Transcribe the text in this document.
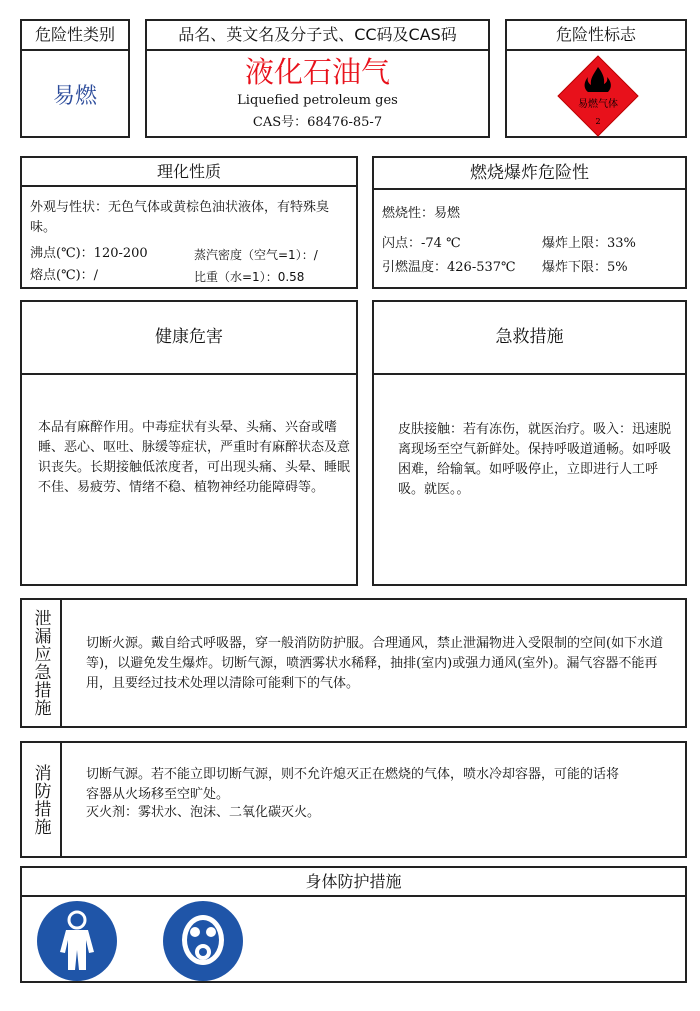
危险性类别
易燃
品名、英文名及分子式、CC码及CAS码
液化石油气
Liquefied petroleum ges
CAS号：68476-85-7
危险性标志
易燃气体
2
理化性质
外观与性状：无色气体或黄棕色油状液体，有特殊臭味。
沸点(℃)：120-200	蒸汽密度（空气=1）：/
熔点(℃)：/	比重（水=1）：0.58
燃烧爆炸危险性
燃烧性：易燃
闪点：-74 ℃	爆炸上限：33%
引燃温度：426-537℃ 爆炸下限：5%
健康危害
本品有麻醉作用。中毒症状有头晕、头痛、兴奋或嗜睡、恶心、呕吐、脉缓等症状，严重时有麻醉状态及意识丧失。长期接触低浓度者，可出现头痛、头晕、睡眠不佳、易疲劳、情绪不稳、植物神经功能障碍等。
急救措施
皮肤接触：若有冻伤，就医治疗。吸入：迅速脱离现场至空气新鲜处。保持呼吸道通畅。如呼吸困难，给输氧。如呼吸停止，立即进行人工呼吸。就医。。
泄漏应急措施	切断火源。戴自给式呼吸器，穿一般消防防护服。合理通风，禁止泄漏物进入受限制的空间(如下水道等)，以避免发生爆炸。切断气源，喷洒雾状水稀释，抽排(室内)或强力通风(室外)。漏气容器不能再用，且要经过技术处理以清除可能剩下的气体。
消防措施	切断气源。若不能立即切断气源，则不允许熄灭正在燃烧的气体，喷水冷却容器，可能的话将容器从火场移至空旷处。
灭火剂：雾状水、泡沫、二氧化碳灭火。
身体防护措施
